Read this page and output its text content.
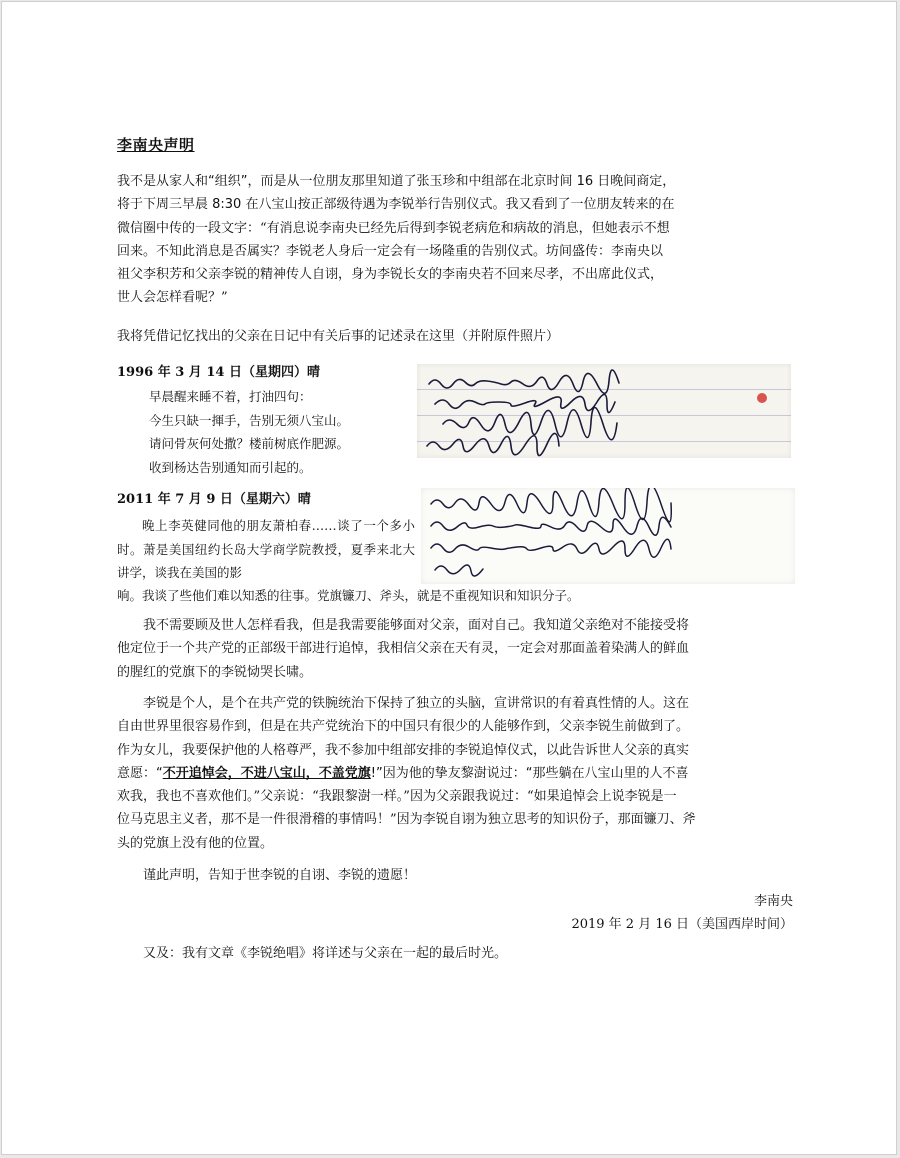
李南央声明
我不是从家人和“组织”，而是从一位朋友那里知道了张玉珍和中组部在北京时间 16 日晚间商定，
将于下周三早晨 8:30 在八宝山按正部级待遇为李锐举行告别仪式。我又看到了一位朋友转来的在
微信圈中传的一段文字：“有消息说李南央已经先后得到李锐老病危和病故的消息，但她表示不想
回来。不知此消息是否属实？李锐老人身后一定会有一场隆重的告别仪式。坊间盛传：李南央以
祖父李积芳和父亲李锐的精神传人自诩，身为李锐长女的李南央若不回来尽孝，不出席此仪式，
世人会怎样看呢？”
我将凭借记忆找出的父亲在日记中有关后事的记述录在这里（并附原件照片）
1996 年 3 月 14 日（星期四）晴
早晨醒来睡不着，打油四句：
今生只缺一揮手，告别无须八宝山。
请问骨灰何处撒？楼前树底作肥源。
收到杨达告别通知而引起的。
2011 年 7 月 9 日（星期六）晴
晚上李英健同他的朋友萧柏春……谈了一个多小时。萧是美国纽约长岛大学商学院教授，夏季来北大讲学，谈我在美国的影
响。我谈了些他们难以知悉的往事。党旗镰刀、斧头，就是不重视知识和知识分子。
我不需要顾及世人怎样看我，但是我需要能够面对父亲，面对自己。我知道父亲绝对不能接受将
他定位于一个共产党的正部级干部进行追悼，我相信父亲在天有灵，一定会对那面盖着染满人的鲜血
的腥红的党旗下的李锐恸哭长啸。
李锐是个人，是个在共产党的铁腕统治下保持了独立的头脑，宣讲常识的有着真性情的人。这在
自由世界里很容易作到，但是在共产党统治下的中国只有很少的人能够作到，父亲李锐生前做到了。
作为女儿，我要保护他的人格尊严，我不参加中组部安排的李锐追悼仪式，以此告诉世人父亲的真实
意愿：“不开追悼会，不进八宝山，不盖党旗!”因为他的挚友黎澍说过：“那些躺在八宝山里的人不喜
欢我，我也不喜欢他们。”父亲说：“我跟黎澍一样。”因为父亲跟我说过：“如果追悼会上说李锐是一
位马克思主义者，那不是一件很滑稽的事情吗！”因为李锐自诩为独立思考的知识份子，那面镰刀、斧
头的党旗上没有他的位置。
谨此声明，告知于世李锐的自诩、李锐的遗愿！
李南央
2019 年 2 月 16 日（美国西岸时间）
又及：我有文章《李锐绝唱》将详述与父亲在一起的最后时光。
